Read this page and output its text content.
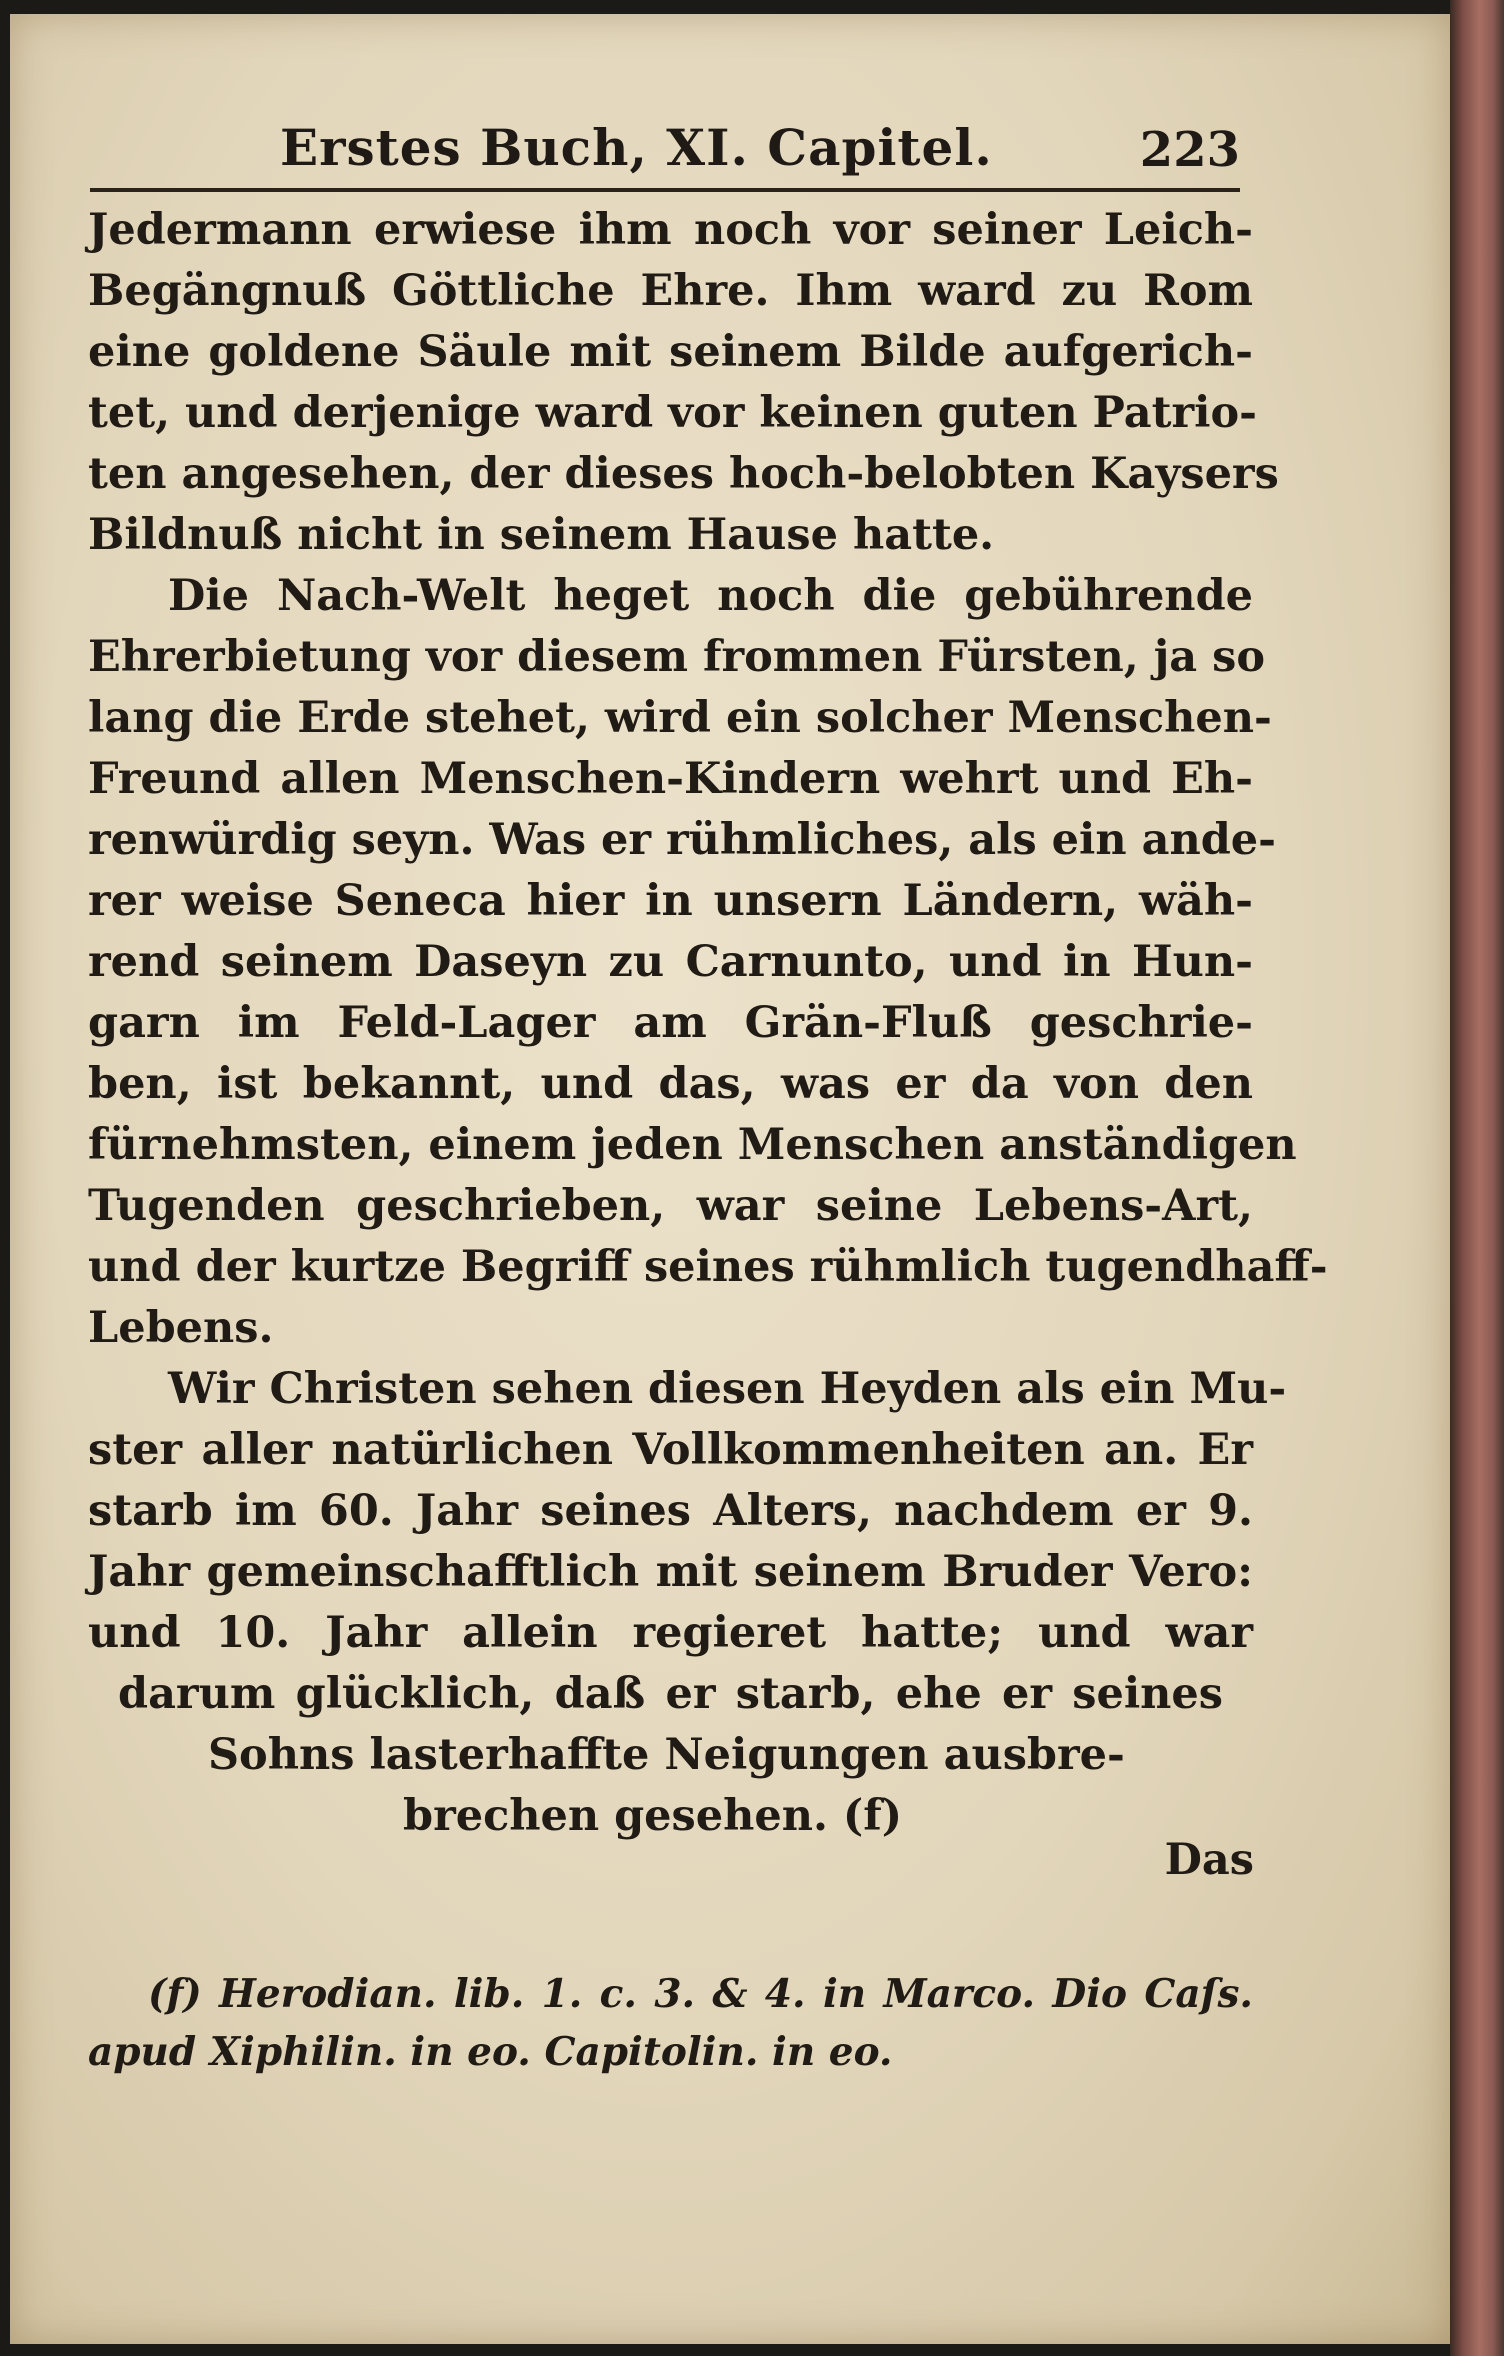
Erstes Buch, XI. Capitel.	223
Jedermann erwiese ihm noch vor seiner Leich-
Begängnuß Göttliche Ehre. Ihm ward zu Rom
eine goldene Säule mit seinem Bilde aufgerich-
tet, und derjenige ward vor keinen guten Patrio-
ten angesehen, der dieses hoch-belobten Kaysers
Bildnuß nicht in seinem Hause hatte.
Die Nach-Welt heget noch die gebührende
Ehrerbietung vor diesem frommen Fürsten, ja so
lang die Erde stehet, wird ein solcher Menschen-
Freund allen Menschen-Kindern wehrt und Eh-
renwürdig seyn. Was er rühmliches, als ein ande-
rer weise Seneca hier in unsern Ländern, wäh-
rend seinem Daseyn zu Carnunto, und in Hun-
garn im Feld-Lager am Grän-Fluß geschrie-
ben, ist bekannt, und das, was er da von den
fürnehmsten, einem jeden Menschen anständigen
Tugenden geschrieben, war seine Lebens-Art,
und der kurtze Begriff seines rühmlich tugendhaff-
Lebens.
Wir Christen sehen diesen Heyden als ein Mu-
ster aller natürlichen Vollkommenheiten an. Er
starb im 60. Jahr seines Alters, nachdem er 9.
Jahr gemeinschafftlich mit seinem Bruder Vero:
und 10. Jahr allein regieret hatte; und war
darum glücklich, daß er starb, ehe er seines
Sohns lasterhaffte Neigungen ausbre-
brechen gesehen. (f)
Das
(f) Herodian. lib. 1. c. 3. & 4. in Marco. Dio Caſs.
apud Xiphilin. in eo. Capitolin. in eo.
